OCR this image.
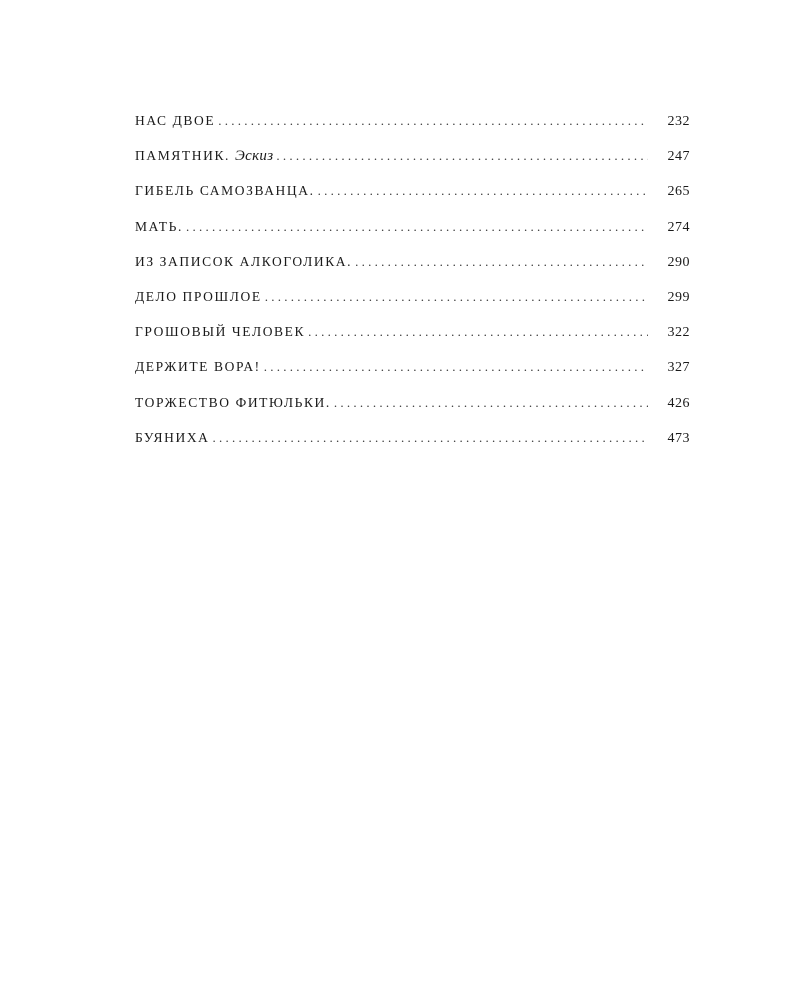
НАС ДВОЕ . . .	232
ПАМЯТНИК. Эскиз . . .	247
ГИБЕЛЬ САМОЗВАНЦА. . . .	265
МАТЬ. . . .	274
ИЗ ЗАПИСОК АЛКОГОЛИКА. . . .	290
ДЕЛО ПРОШЛОЕ . . .	299
ГРОШОВЫЙ ЧЕЛОВЕК . . .	322
ДЕРЖИТЕ ВОРА! . . .	327
ТОРЖЕСТВО ФИТЮЛЬКИ. . . .	426
БУЯНИХА . . .	473
